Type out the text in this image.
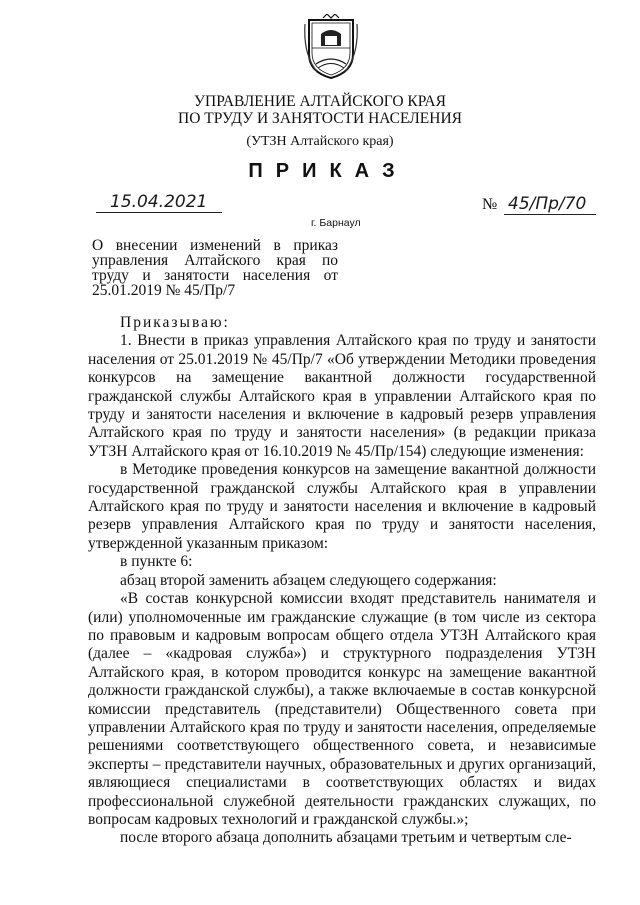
УПРАВЛЕНИЕ АЛТАЙСКОГО КРАЯ
ПО ТРУДУ И ЗАНЯТОСТИ НАСЕЛЕНИЯ
(УТЗН Алтайского края)
ПРИКАЗ
15.04.2021	№ 45/Пр/70
г. Барнаул
О внесении изменений в приказ управления Алтайского края по труду и занятости населения от 25.01.2019 № 45/Пр/7

Приказываю:

1. Внести в приказ управления Алтайского края по труду и занятости населения от 25.01.2019 № 45/Пр/7 «Об утверждении Методики проведения конкурсов на замещение вакантной должности государственной гражданской службы Алтайского края в управлении Алтайского края по труду и занятости населения и включение в кадровый резерв управления Алтайского края по труду и занятости населения» (в редакции приказа УТЗН Алтайского края от 16.10.2019 № 45/Пр/154) следующие изменения:

в Методике проведения конкурсов на замещение вакантной должности государственной гражданской службы Алтайского края в управлении Алтайского края по труду и занятости населения и включение в кадровый резерв управления Алтайского края по труду и занятости населения, утвержденной указанным приказом:

в пункте 6:

абзац второй заменить абзацем следующего содержания:

«В состав конкурсной комиссии входят представитель нанимателя и (или) уполномоченные им гражданские служащие (в том числе из сектора по правовым и кадровым вопросам общего отдела УТЗН Алтайского края (далее – «кадровая служба») и структурного подразделения УТЗН Алтайского края, в котором проводится конкурс на замещение вакантной должности гражданской службы), а также включаемые в состав конкурсной комиссии представитель (представители) Общественного совета при управлении Алтайского края по труду и занятости населения, определяемые решениями соответствующего общественного совета, и независимые эксперты – представители научных, образовательных и других организаций, являющиеся специалистами в соответствующих областях и видах профессиональной служебной деятельности гражданских служащих, по вопросам кадровых технологий и гражданской службы.»;

после второго абзаца дополнить абзацами третьим и четвертым сле-
